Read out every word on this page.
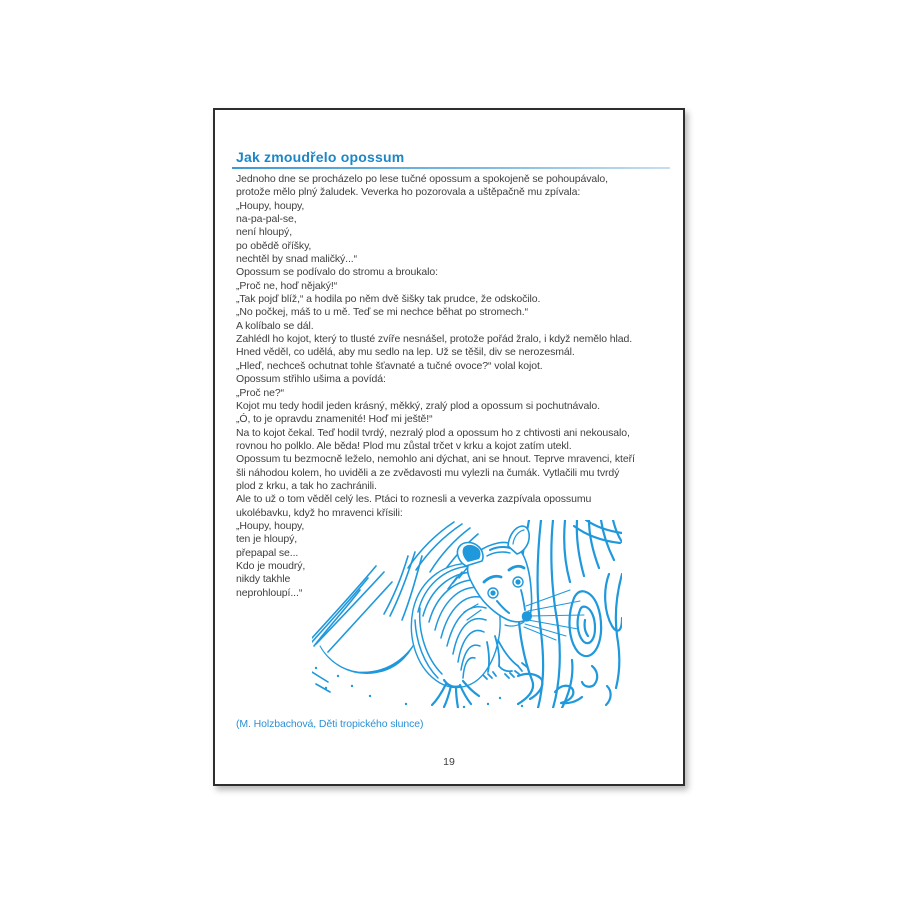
Jak zmoudřelo opossum
Jednoho dne se procházelo po lese tučné opossum a spokojeně se pohoupávalo,
protože mělo plný žaludek. Veverka ho pozorovala a uštěpačně mu zpívala:
„Houpy, houpy,
na-pa-pal-se,
není hloupý,
po obědě oříšky,
nechtěl by snad maličký...“
Opossum se podívalo do stromu a broukalo:
„Proč ne, hoď nějaký!“
„Tak pojď blíž,“ a hodila po něm dvě šišky tak prudce, že odskočilo.
„No počkej, máš to u mě. Teď se mi nechce běhat po stromech.“
A kolíbalo se dál.
Zahlédl ho kojot, který to tlusté zvíře nesnášel, protože pořád žralo, i když nemělo hlad.
Hned věděl, co udělá, aby mu sedlo na lep. Už se těšil, div se nerozesmál.
„Hleď, nechceš ochutnat tohle šťavnaté a tučné ovoce?“ volal kojot.
Opossum střihlo ušima a povídá:
„Proč ne?“
Kojot mu tedy hodil jeden krásný, měkký, zralý plod a opossum si pochutnávalo.
„Ó, to je opravdu znamenité! Hoď mi ještě!“
Na to kojot čekal. Teď hodil tvrdý, nezralý plod a opossum ho z chtivosti ani nekousalo,
rovnou ho polklo. Ale běda! Plod mu zůstal trčet v krku a kojot zatím utekl.
Opossum tu bezmocně leželo, nemohlo ani dýchat, ani se hnout. Teprve mravenci, kteří
šli náhodou kolem, ho uviděli a ze zvědavosti mu vylezli na čumák. Vytlačili mu tvrdý
plod z krku, a tak ho zachránili.
Ale to už o tom věděl celý les. Ptáci to roznesli a veverka zazpívala opossumu
ukolébavku, když ho mravenci křísili:
„Houpy, houpy,
ten je hloupý,
přepapal se...
Kdo je moudrý,
nikdy takhle
neprohloupí...“
(M. Holzbachová, Děti tropického slunce)
19
